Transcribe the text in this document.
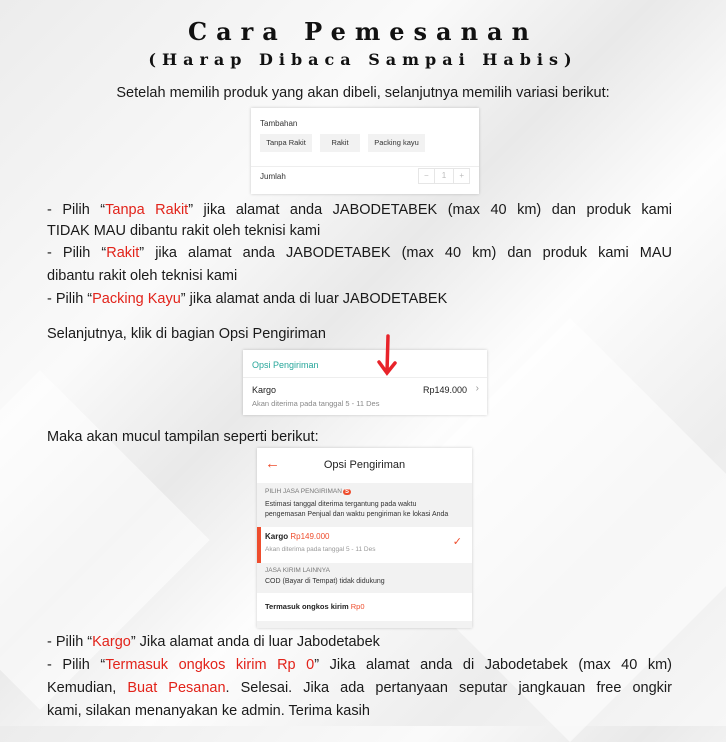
Cara Pemesanan
(Harap Dibaca Sampai Habis)
Setelah memilih produk yang akan dibeli, selanjutnya memilih variasi berikut:
Tambahan
Tanpa Rakit	Rakit	Packing kayu
Jumlah	−	1	+
- Pilih “Tanpa Rakit” jika alamat anda JABODETABEK (max 40 km) dan produk kami
TIDAK MAU dibantu rakit oleh teknisi kami
- Pilih “Rakit” jika alamat anda JABODETABEK (max 40 km) dan produk kami MAU
dibantu rakit oleh teknisi kami
- Pilih “Packing Kayu” jika alamat anda di luar JABODETABEK
Selanjutnya, klik di bagian Opsi Pengiriman
Opsi Pengiriman
Kargo	Rp149.000 ›
Akan diterima pada tanggal 5 - 11 Des
Maka akan mucul tampilan seperti berikut:
←	Opsi Pengiriman
PILIH JASA PENGIRIMAN S
Estimasi tanggal diterima tergantung pada waktu
pengemasan Penjual dan waktu pengiriman ke lokasi Anda
Kargo Rp149.000
Akan diterima pada tanggal 5 - 11 Des
✓
JASA KIRIM LAINNYA
COD (Bayar di Tempat) tidak didukung
Termasuk ongkos kirim Rp0
- Pilih “Kargo” Jika alamat anda di luar Jabodetabek
- Pilih “Termasuk ongkos kirim Rp 0” Jika alamat anda di Jabodetabek (max 40 km)
Kemudian, Buat Pesanan. Selesai. Jika ada pertanyaan seputar jangkauan free ongkir
kami, silakan menanyakan ke admin. Terima kasih
